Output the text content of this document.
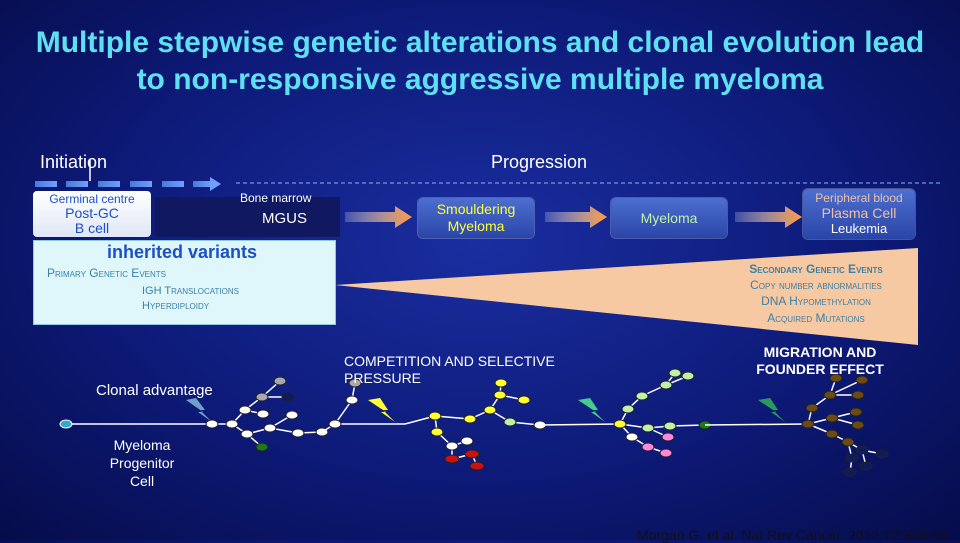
Multiple stepwise genetic alterations and clonal evolution lead to non-responsive aggressive multiple myeloma
Initiation	Progression
Germinal centre
Post-GC
B cell
Bone marrow
MGUS
Smouldering
Myeloma	Myeloma
Peripheral blood
Plasma Cell
Leukemia
inherited variants
Primary Genetic Events
IGH Translocations
Hyperdiploidy
Secondary Genetic Events
Copy number abnormalities
DNA Hypomethylation
Acquired Mutations
Clonal advantage
COMPETITION AND SELECTIVE
PRESSURE
MIGRATION AND
FOUNDER EFFECT
Myeloma
Progenitor
Cell
Morgan G, et al. Nat Rev Cancer. 2012;12:335-48.
